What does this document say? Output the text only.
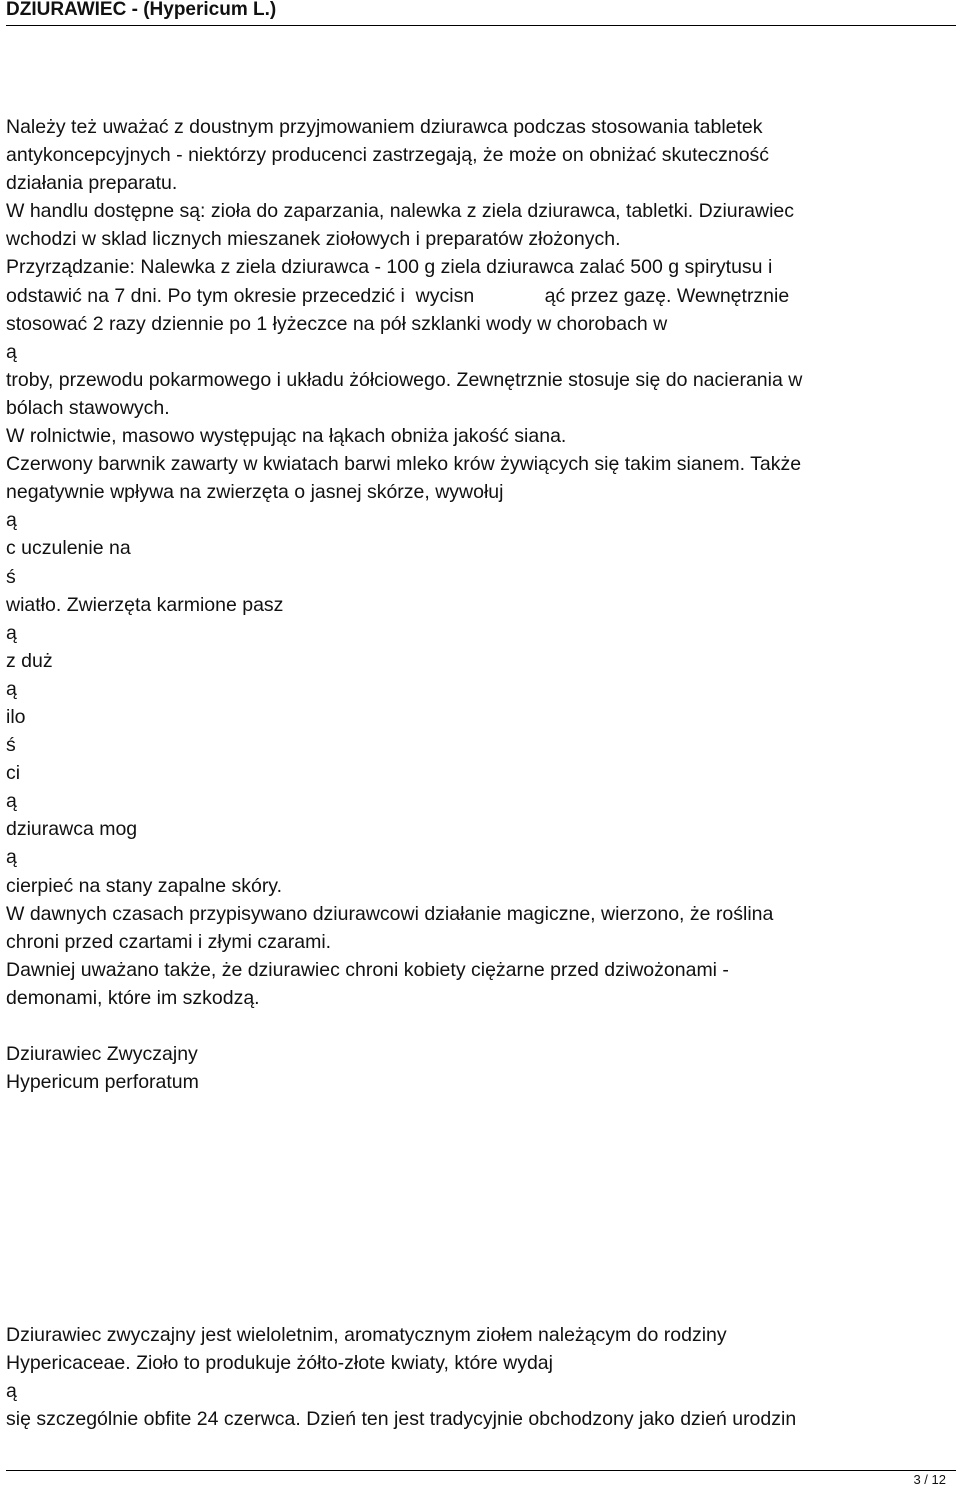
DZIURAWIEC - (Hypericum L.)
Należy też uważać z doustnym przyjmowaniem dziurawca podczas stosowania tabletek
antykoncepcyjnych - niektórzy producenci zastrzegają, że może on obniżać skuteczność
działania preparatu.
W handlu dostępne są: zioła do zaparzania, nalewka z ziela dziurawca, tabletki. Dziurawiec
wchodzi w sklad licznych mieszanek ziołowych i preparatów złożonych.
Przyrządzanie: Nalewka z ziela dziurawca - 100 g ziela dziurawca zalać 500 g spirytusu i
odstawić na 7 dni. Po tym okresie przecedzić i  wycisn             ąć przez gazę. Wewnętrznie
stosować 2 razy dziennie po 1 łyżeczce na pół szklanki wody w chorobach w
ą
troby, przewodu pokarmowego i układu żółciowego. Zewnętrznie stosuje się do nacierania w
bólach stawowych.
W rolnictwie, masowo występując na łąkach obniża jakość siana.
Czerwony barwnik zawarty w kwiatach barwi mleko krów żywiących się takim sianem. Także
negatywnie wpływa na zwierzęta o jasnej skórze, wywołuj
ą
c uczulenie na
ś
wiatło. Zwierzęta karmione pasz
ą
z duż
ą
ilo
ś
ci
ą
dziurawca mog
ą
cierpieć na stany zapalne skóry.
W dawnych czasach przypisywano dziurawcowi działanie magiczne, wierzono, że roślina
chroni przed czartami i złymi czarami.
Dawniej uważano także, że dziurawiec chroni kobiety ciężarne przed dziwożonami -
demonami, które im szkodzą.
Dziurawiec Zwyczajny
Hypericum perforatum
Dziurawiec zwyczajny jest wieloletnim, aromatycznym ziołem należącym do rodziny
Hypericaceae. Zioło to produkuje żółto-złote kwiaty, które wydaj
ą
się szczególnie obfite 24 czerwca. Dzień ten jest tradycyjnie obchodzony jako dzień urodzin
3 / 12
